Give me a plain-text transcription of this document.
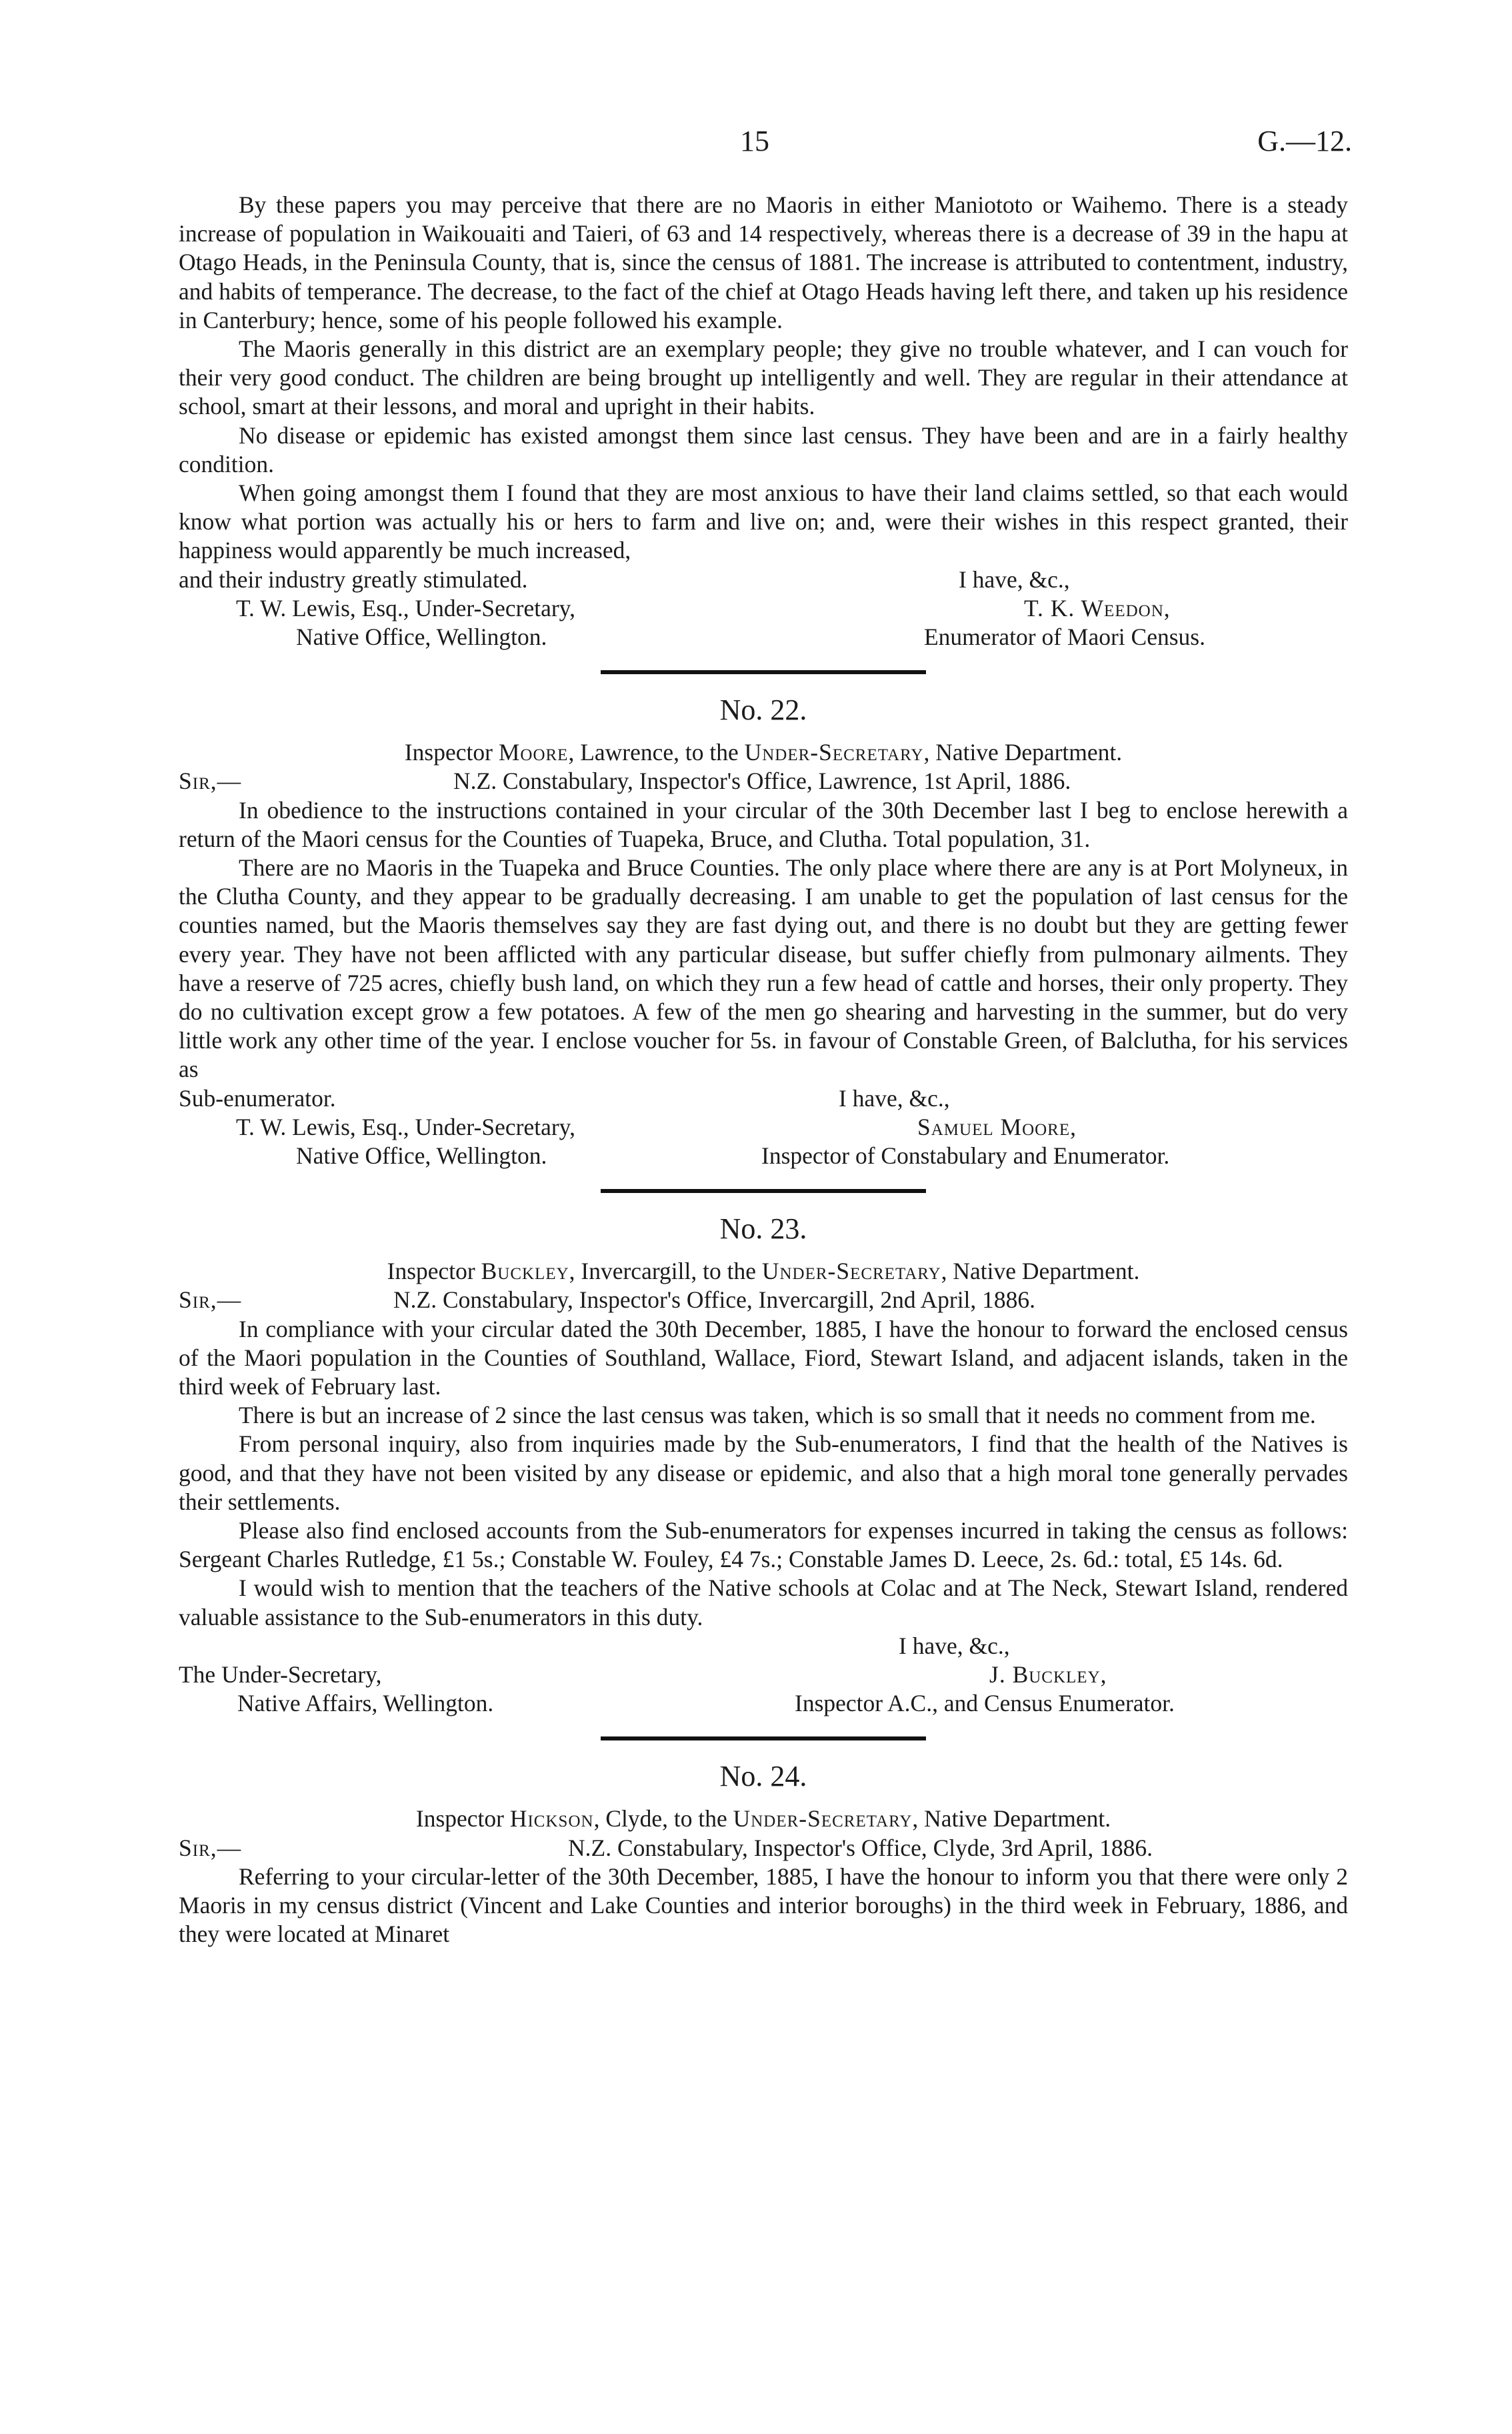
15	G.—12.

By these papers you may perceive that there are no Maoris in either Maniototo or Waihemo. There is a steady increase of population in Waikouaiti and Taieri, of 63 and 14 respectively, whereas there is a decrease of 39 in the hapu at Otago Heads, in the Peninsula County, that is, since the census of 1881. The increase is attributed to contentment, industry, and habits of temperance. The decrease, to the fact of the chief at Otago Heads having left there, and taken up his residence in Canterbury; hence, some of his people followed his example.

The Maoris generally in this district are an exemplary people; they give no trouble whatever, and I can vouch for their very good conduct. The children are being brought up intelligently and well. They are regular in their attendance at school, smart at their lessons, and moral and upright in their habits.

No disease or epidemic has existed amongst them since last census. They have been and are in a fairly healthy condition.

When going amongst them I found that they are most anxious to have their land claims settled, so that each would know what portion was actually his or hers to farm and live on; and, were their wishes in this respect granted, their happiness would apparently be much increased,

and their industry greatly stimulated.	I have, &c.,
T. W. Lewis, Esq., Under-Secretary,	T. K. Weedon,
Native Office, Wellington.	Enumerator of Maori Census.
No. 22.
Inspector Moore, Lawrence, to the Under-Secretary, Native Department.
Sir,—	N.Z. Constabulary, Inspector's Office, Lawrence, 1st April, 1886.

In obedience to the instructions contained in your circular of the 30th December last I beg to enclose herewith a return of the Maori census for the Counties of Tuapeka, Bruce, and Clutha. Total population, 31.

There are no Maoris in the Tuapeka and Bruce Counties. The only place where there are any is at Port Molyneux, in the Clutha County, and they appear to be gradually decreasing. I am unable to get the population of last census for the counties named, but the Maoris themselves say they are fast dying out, and there is no doubt but they are getting fewer every year. They have not been afflicted with any particular disease, but suffer chiefly from pulmonary ailments. They have a reserve of 725 acres, chiefly bush land, on which they run a few head of cattle and horses, their only property. They do no cultivation except grow a few potatoes. A few of the men go shearing and harvesting in the summer, but do very little work any other time of the year. I enclose voucher for 5s. in favour of Constable Green, of Balclutha, for his services as

Sub-enumerator.	I have, &c.,
T. W. Lewis, Esq., Under-Secretary,	Samuel Moore,
Native Office, Wellington.	Inspector of Constabulary and Enumerator.
No. 23.
Inspector Buckley, Invercargill, to the Under-Secretary, Native Department.
Sir,—	N.Z. Constabulary, Inspector's Office, Invercargill, 2nd April, 1886.

In compliance with your circular dated the 30th December, 1885, I have the honour to forward the enclosed census of the Maori population in the Counties of Southland, Wallace, Fiord, Stewart Island, and adjacent islands, taken in the third week of February last.

There is but an increase of 2 since the last census was taken, which is so small that it needs no comment from me.

From personal inquiry, also from inquiries made by the Sub-enumerators, I find that the health of the Natives is good, and that they have not been visited by any disease or epidemic, and also that a high moral tone generally pervades their settlements.

Please also find enclosed accounts from the Sub-enumerators for expenses incurred in taking the census as follows: Sergeant Charles Rutledge, £1 5s.; Constable W. Fouley, £4 7s.; Constable James D. Leece, 2s. 6d.: total, £5 14s. 6d.

I would wish to mention that the teachers of the Native schools at Colac and at The Neck, Stewart Island, rendered valuable assistance to the Sub-enumerators in this duty.

I have, &c.,
The Under-Secretary,	J. Buckley,
Native Affairs, Wellington.	Inspector A.C., and Census Enumerator.
No. 24.
Inspector Hickson, Clyde, to the Under-Secretary, Native Department.
Sir,—	N.Z. Constabulary, Inspector's Office, Clyde, 3rd April, 1886.

Referring to your circular-letter of the 30th December, 1885, I have the honour to inform you that there were only 2 Maoris in my census district (Vincent and Lake Counties and interior boroughs) in the third week in February, 1886, and they were located at Minaret
